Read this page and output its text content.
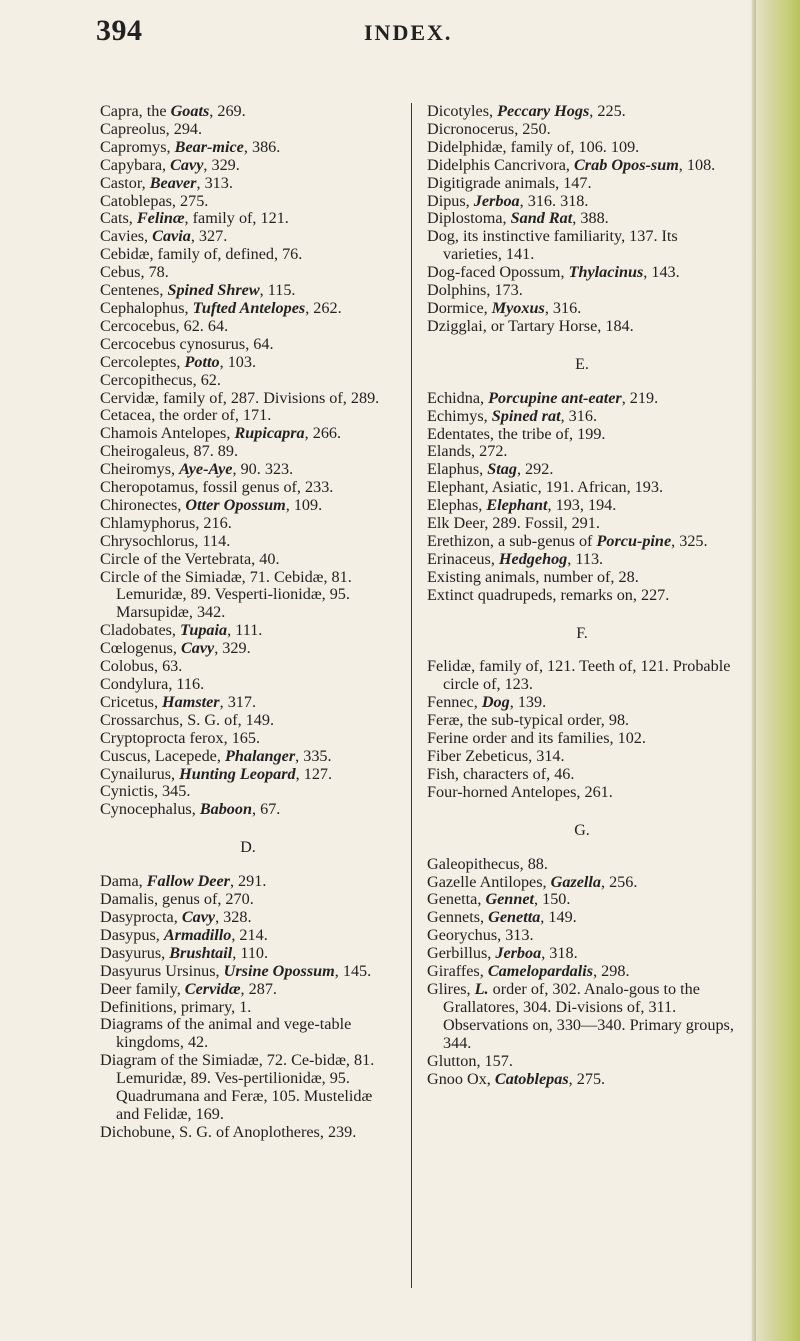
394	INDEX.

Capra, the Goats, 269.

Capreolus, 294.

Capromys, Bear-mice, 386.

Capybara, Cavy, 329.

Castor, Beaver, 313.

Catoblepas, 275.

Cats, Felinæ, family of, 121.

Cavies, Cavia, 327.

Cebidæ, family of, defined, 76.

Cebus, 78.

Centenes, Spined Shrew, 115.

Cephalophus, Tufted Antelopes, 262.

Cercocebus, 62. 64.

Cercocebus cynosurus, 64.

Cercoleptes, Potto, 103.

Cercopithecus, 62.

Cervidæ, family of, 287. Divisions of, 289.

Cetacea, the order of, 171.

Chamois Antelopes, Rupicapra, 266.

Cheirogaleus, 87. 89.

Cheiromys, Aye-Aye, 90. 323.

Cheropotamus, fossil genus of, 233.

Chironectes, Otter Opossum, 109.

Chlamyphorus, 216.

Chrysochlorus, 114.

Circle of the Vertebrata, 40.

Circle of the Simiadæ, 71. Cebidæ, 81. Lemuridæ, 89. Vesperti-lionidæ, 95. Marsupidæ, 342.

Cladobates, Tupaia, 111.

Cœlogenus, Cavy, 329.

Colobus, 63.

Condylura, 116.

Cricetus, Hamster, 317.

Crossarchus, S. G. of, 149.

Cryptoprocta ferox, 165.

Cuscus, Lacepede, Phalanger, 335.

Cynailurus, Hunting Leopard, 127.

Cynictis, 345.

Cynocephalus, Baboon, 67.

D.

Dama, Fallow Deer, 291.

Damalis, genus of, 270.

Dasyprocta, Cavy, 328.

Dasypus, Armadillo, 214.

Dasyurus, Brushtail, 110.

Dasyurus Ursinus, Ursine Opossum, 145.

Deer family, Cervidæ, 287.

Definitions, primary, 1.

Diagrams of the animal and vege-table kingdoms, 42.

Diagram of the Simiadæ, 72. Ce-bidæ, 81. Lemuridæ, 89. Ves-pertilionidæ, 95. Quadrumana and Feræ, 105. Mustelidæ and Felidæ, 169.

Dichobune, S. G. of Anoplotheres, 239.

Dicotyles, Peccary Hogs, 225.

Dicronocerus, 250.

Didelphidæ, family of, 106. 109.

Didelphis Cancrivora, Crab Opos-sum, 108.

Digitigrade animals, 147.

Dipus, Jerboa, 316. 318.

Diplostoma, Sand Rat, 388.

Dog, its instinctive familiarity, 137. Its varieties, 141.

Dog-faced Opossum, Thylacinus, 143.

Dolphins, 173.

Dormice, Myoxus, 316.

Dzigglai, or Tartary Horse, 184.

E.

Echidna, Porcupine ant-eater, 219.

Echimys, Spined rat, 316.

Edentates, the tribe of, 199.

Elands, 272.

Elaphus, Stag, 292.

Elephant, Asiatic, 191. African, 193.

Elephas, Elephant, 193, 194.

Elk Deer, 289. Fossil, 291.

Erethizon, a sub-genus of Porcu-pine, 325.

Erinaceus, Hedgehog, 113.

Existing animals, number of, 28.

Extinct quadrupeds, remarks on, 227.

F.

Felidæ, family of, 121. Teeth of, 121. Probable circle of, 123.

Fennec, Dog, 139.

Feræ, the sub-typical order, 98.

Ferine order and its families, 102.

Fiber Zebeticus, 314.

Fish, characters of, 46.

Four-horned Antelopes, 261.

G.

Galeopithecus, 88.

Gazelle Antilopes, Gazella, 256.

Genetta, Gennet, 150.

Gennets, Genetta, 149.

Georychus, 313.

Gerbillus, Jerboa, 318.

Giraffes, Camelopardalis, 298.

Glires, L. order of, 302. Analo-gous to the Grallatores, 304. Di-visions of, 311. Observations on, 330—340. Primary groups, 344.

Glutton, 157.

Gnoo Ox, Catoblepas, 275.
